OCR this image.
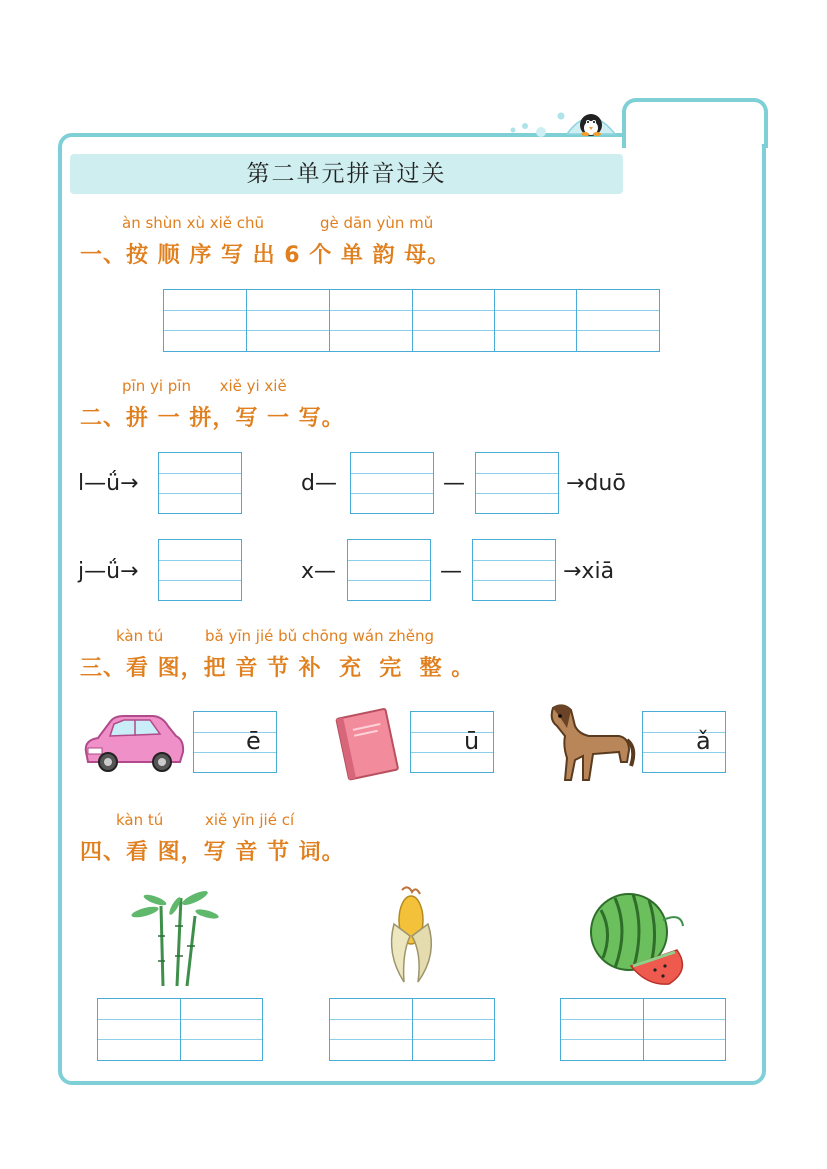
第二单元拼音过关
àn shùn xù xiě chū	gè dān yùn mǔ
一、按 顺 序 写 出 6 个 单 韵 母。
pīn yi pīn      xiě yi xiě
二、拼 一 拼，写 一 写。
l—ǘ→	d—	—	→duō
j—ǘ→	x—	—	→xiā
kàn tú	bǎ yīn jié bǔ chōng wán zhěng
三、看 图，把 音 节 补  充  完  整 。
ē	ū	ǎ
kàn tú	xiě yīn jié cí
四、看 图，写 音 节 词。
